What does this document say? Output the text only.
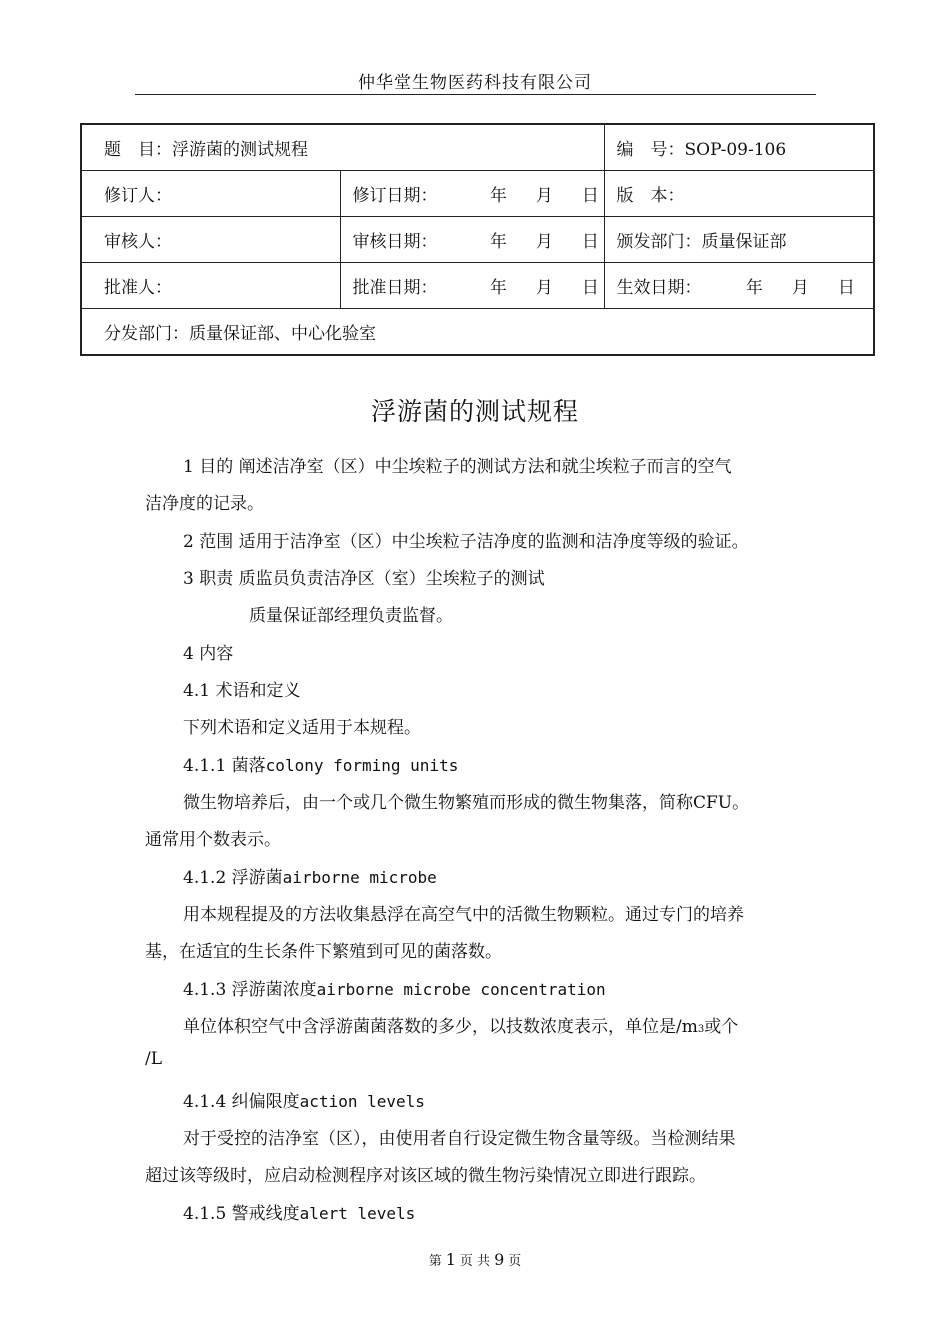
仲华堂生物医药科技有限公司
题　目：浮游菌的测试规程		编　号：SOP-09-106
修订人：	修订日期： 年 月 日	版　本：
审核人：	审核日期： 年 月 日	颁发部门：质量保证部
批准人：	批准日期： 年 月 日	生效日期： 年 月 日
分发部门：质量保证部、中心化验室		
浮游菌的测试规程
1 目的 阐述洁净室（区）中尘埃粒子的测试方法和就尘埃粒子而言的空气
洁净度的记录。
2 范围 适用于洁净室（区）中尘埃粒子洁净度的监测和洁净度等级的验证。
3 职责 质监员负责洁净区（室）尘埃粒子的测试
质量保证部经理负责监督。
4 内容
4.1 术语和定义
下列术语和定义适用于本规程。
4.1.1 菌落colony forming units
微生物培养后，由一个或几个微生物繁殖而形成的微生物集落，简称CFU。
通常用个数表示。
4.1.2 浮游菌airborne microbe
用本规程提及的方法收集悬浮在高空气中的活微生物颗粒。通过专门的培养
基，在适宜的生长条件下繁殖到可见的菌落数。
4.1.3 浮游菌浓度airborne microbe concentration
单位体积空气中含浮游菌菌落数的多少，以技数浓度表示，单位是/m3或个
/L
4.1.4 纠偏限度action levels
对于受控的洁净室（区），由使用者自行设定微生物含量等级。当检测结果
超过该等级时，应启动检测程序对该区域的微生物污染情况立即进行跟踪。
4.1.5 警戒线度alert levels
第 1 页 共 9 页
